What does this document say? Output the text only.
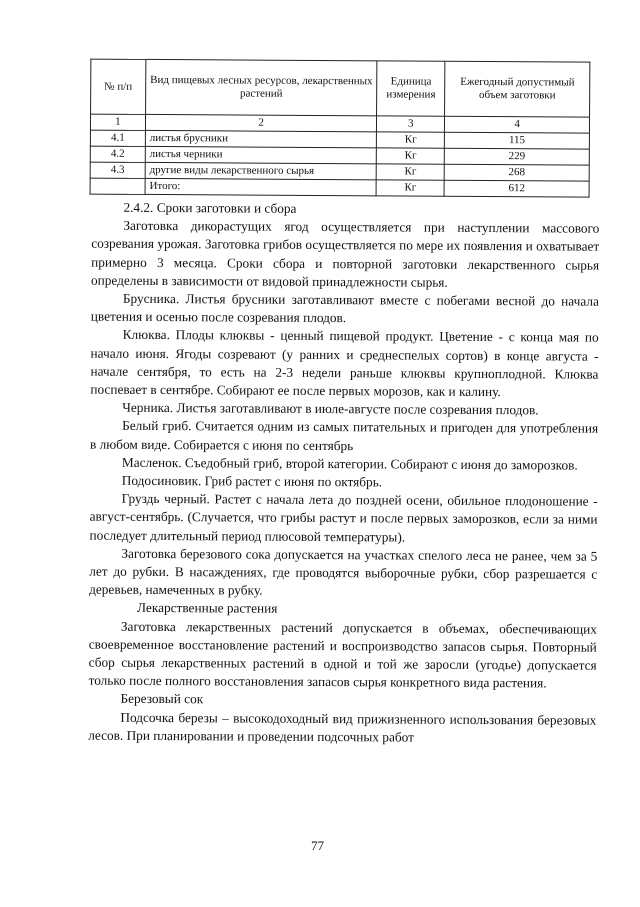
№ п/п	Вид пищевых лесных ресурсов, лекарственных растений	Единица измерения	Ежегодный допустимый объем заготовки
1	2	3	4
4.1	листья брусники	Кг	115
4.2	листья черники	Кг	229
4.3	другие виды лекарственного сырья	Кг	268
	Итого:	Кг	612

2.4.2. Сроки заготовки и сбора

Заготовка дикорастущих ягод осуществляется при наступлении массового созревания урожая. Заготовка грибов осуществляется по мере их появления и охватывает примерно 3 месяца. Сроки сбора и повторной заготовки лекарственного сырья определены в зависимости от видовой принадлежности сырья.

Брусника. Листья брусники заготавливают вместе с побегами весной до начала цветения и осенью после созревания плодов.

Клюква. Плоды клюквы - ценный пищевой продукт. Цветение - с конца мая по начало июня. Ягоды созревают (у ранних и среднеспелых сортов) в конце августа - начале сентября, то есть на 2-3 недели раньше клюквы крупноплодной. Клюква поспевает в сентябре. Собирают ее после первых морозов, как и калину.

Черника. Листья заготавливают в июле-августе после созревания плодов.

Белый гриб. Считается одним из самых питательных и пригоден для употребления в любом виде. Собирается с июня по сентябрь

Масленок. Съедобный гриб, второй категории. Собирают с июня до заморозков.

Подосиновик. Гриб растет с июня по октябрь.

Груздь черный. Растет с начала лета до поздней осени, обильное плодоношение - август-сентябрь. (Случается, что грибы растут и после первых заморозков, если за ними последует длительный период плюсовой температуры).

Заготовка березового сока допускается на участках спелого леса не ранее, чем за 5 лет до рубки. В насаждениях, где проводятся выборочные рубки, сбор разрешается с деревьев, намеченных в рубку.

Лекарственные растения

Заготовка лекарственных растений допускается в объемах, обеспечивающих своевременное восстановление растений и воспроизводство запасов сырья. Повторный сбор сырья лекарственных растений в одной и той же заросли (угодье) допускается только после полного восстановления запасов сырья конкретного вида растения.

Березовый сок

Подсочка березы – высокодоходный вид прижизненного использования березовых лесов. При планировании и проведении подсочных работ

77
